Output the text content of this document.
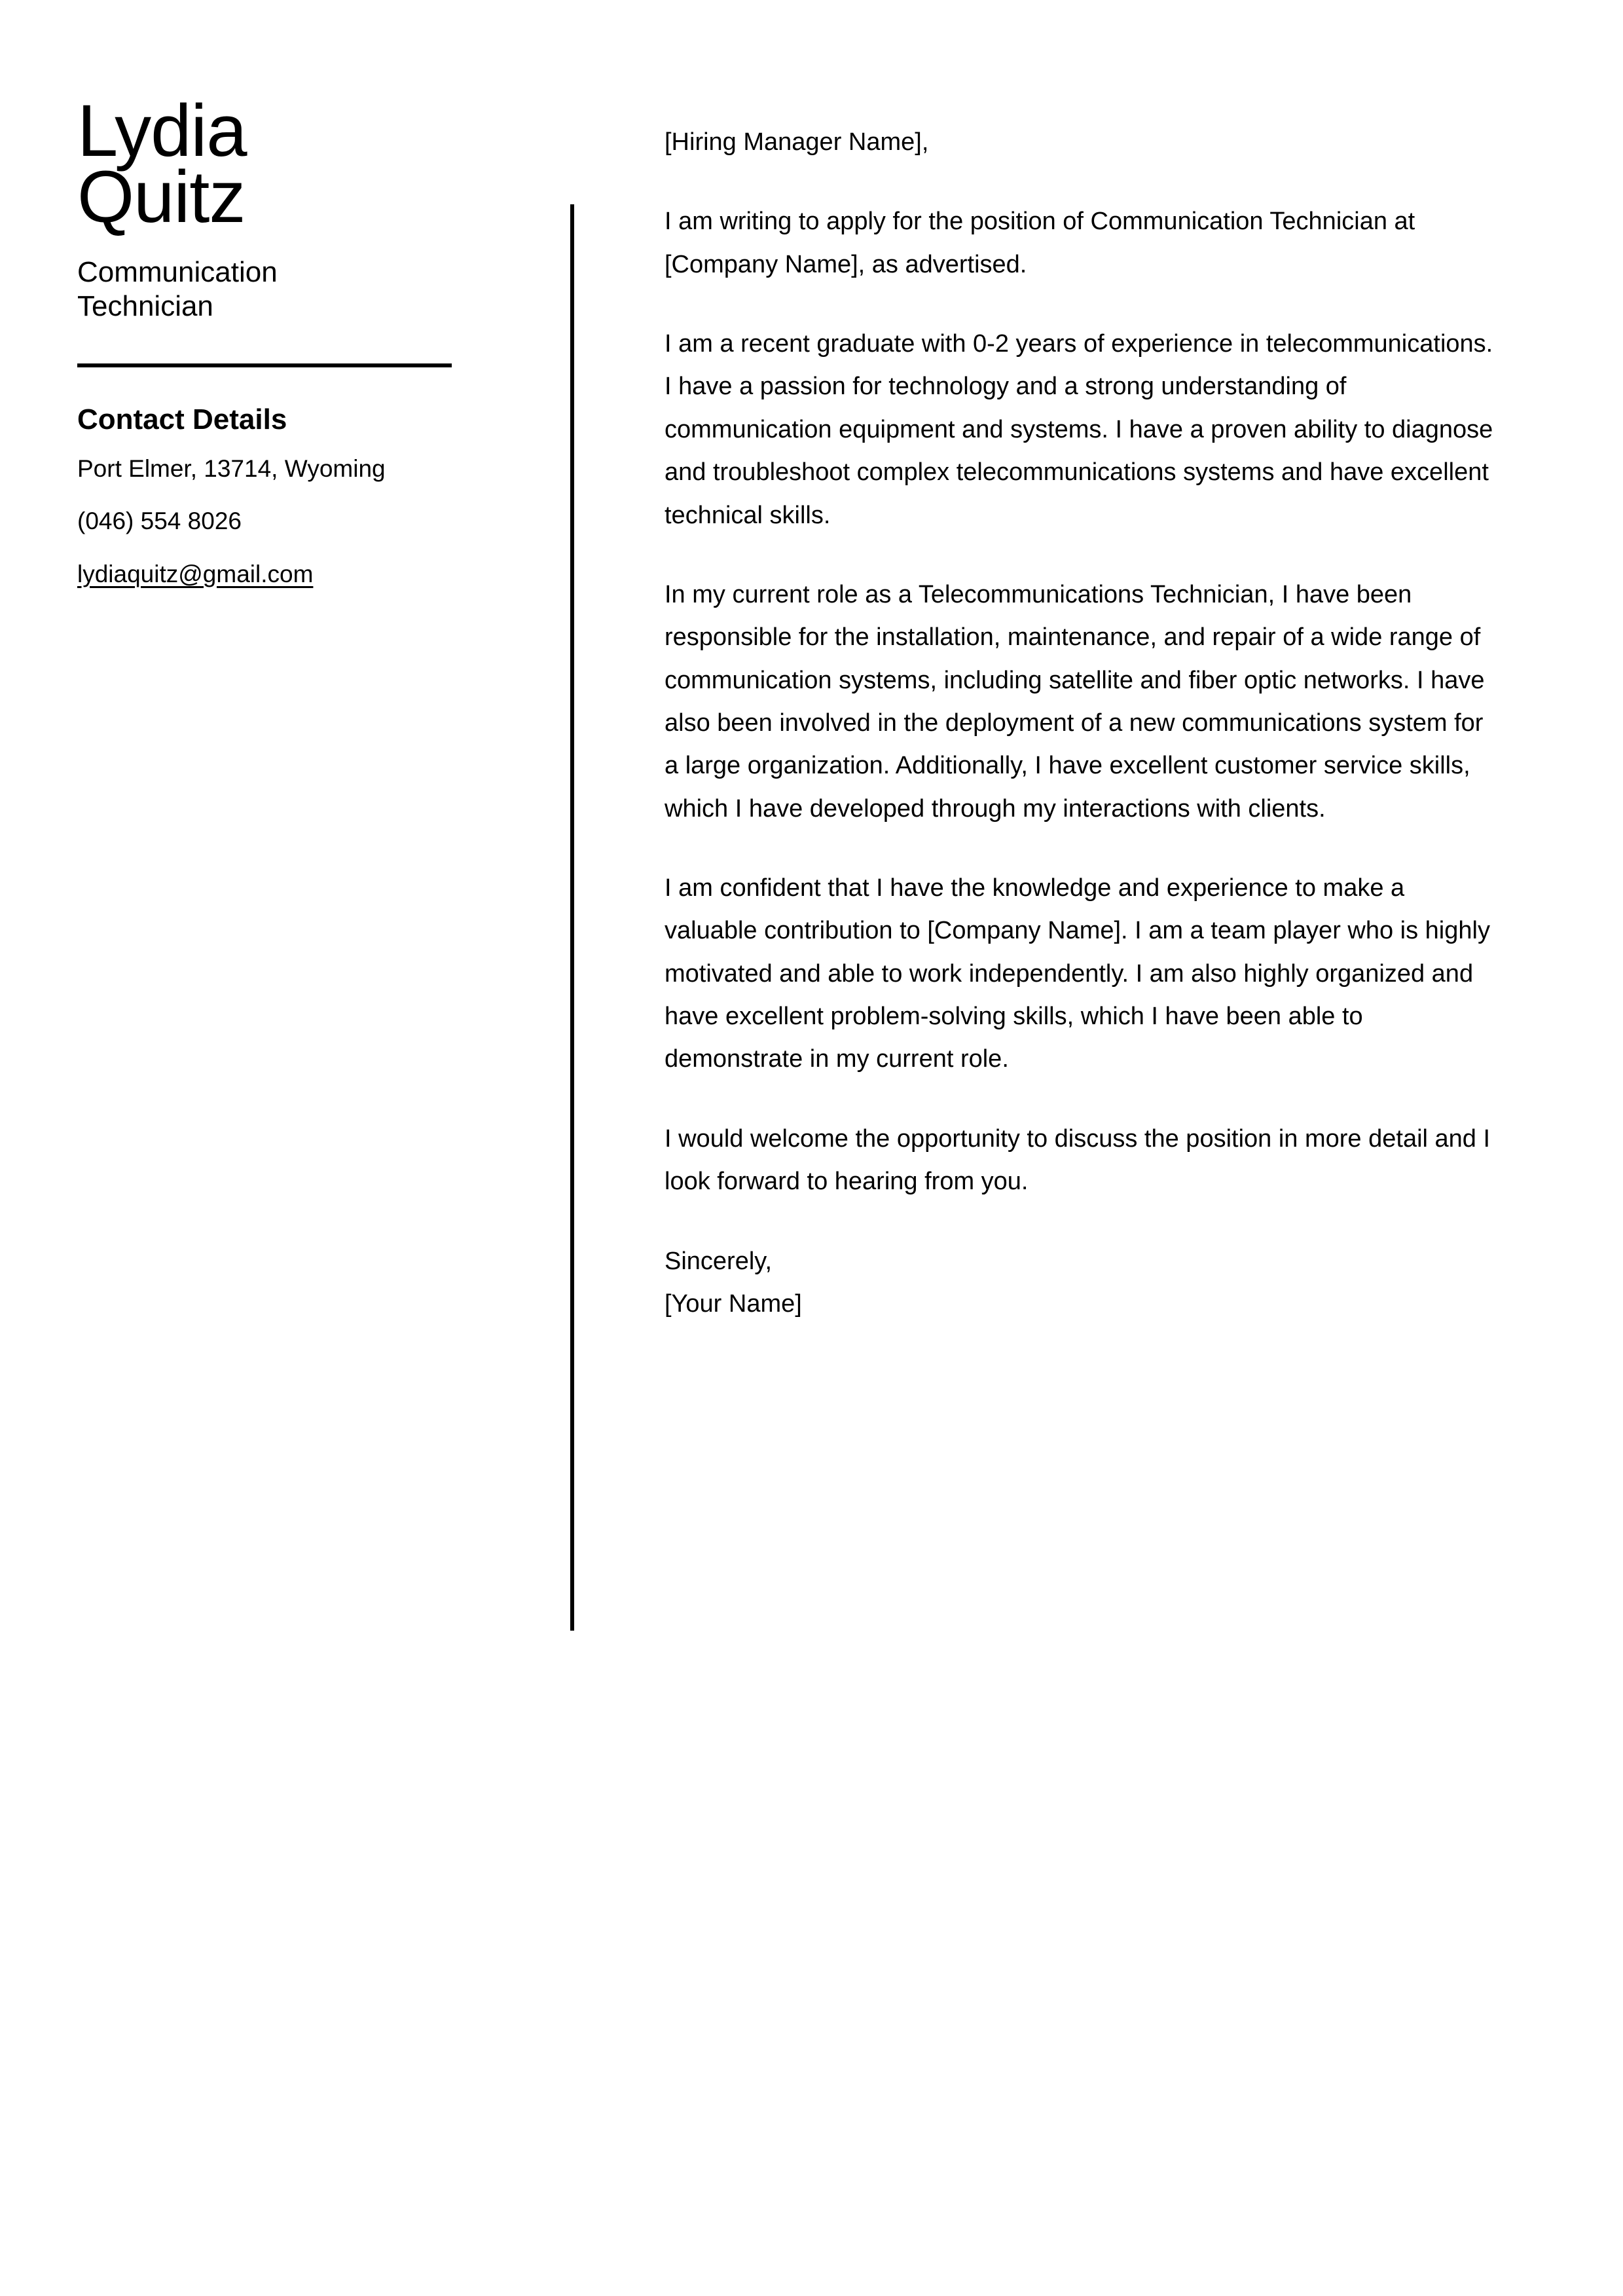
Lydia
Quitz
Communication Technician
Contact Details
Port Elmer, 13714, Wyoming
(046) 554 8026
lydiaquitz@gmail.com

[Hiring Manager Name],

I am writing to apply for the position of Communication Technician at [Company Name], as advertised.

I am a recent graduate with 0-2 years of experience in telecommunications. I have a passion for technology and a strong understanding of communication equipment and systems. I have a proven ability to diagnose and troubleshoot complex telecommunications systems and have excellent technical skills.

In my current role as a Telecommunications Technician, I have been responsible for the installation, maintenance, and repair of a wide range of communication systems, including satellite and fiber optic networks. I have also been involved in the deployment of a new communications system for a large organization. Additionally, I have excellent customer service skills, which I have developed through my interactions with clients.

I am confident that I have the knowledge and experience to make a valuable contribution to [Company Name]. I am a team player who is highly motivated and able to work independently. I am also highly organized and have excellent problem-solving skills, which I have been able to demonstrate in my current role.

I would welcome the opportunity to discuss the position in more detail and I look forward to hearing from you.

Sincerely,
[Your Name]
